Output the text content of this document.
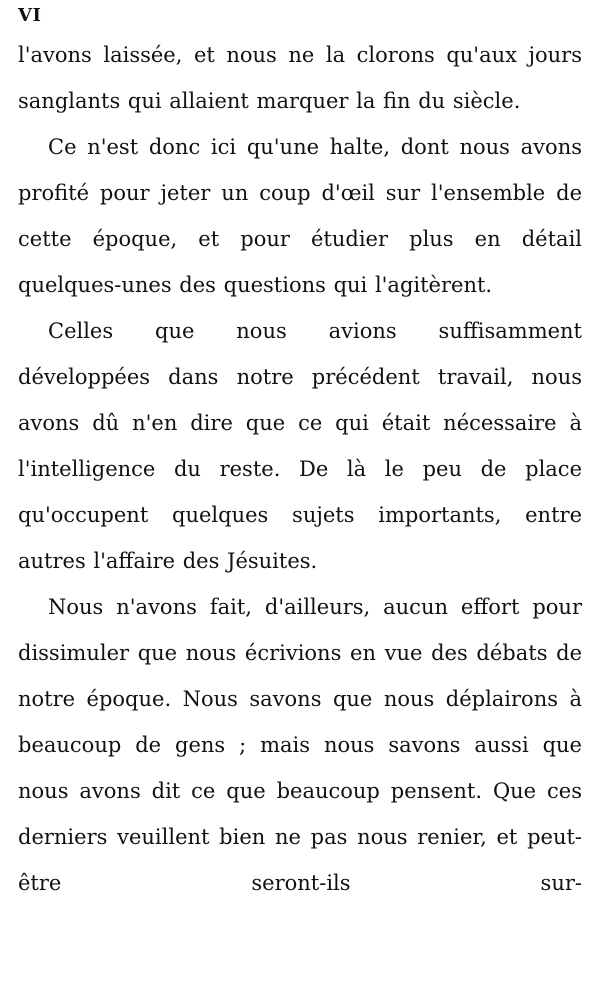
VI

l'avons laissée, et nous ne la clorons qu'aux jours sanglants qui allaient marquer la fin du siècle.

Ce n'est donc ici qu'une halte, dont nous avons profité pour jeter un coup d'œil sur l'ensemble de cette époque, et pour étudier plus en détail quelques-unes des questions qui l'agitèrent.

Celles que nous avions suffisamment développées dans notre précédent travail, nous avons dû n'en dire que ce qui était nécessaire à l'intelligence du reste. De là le peu de place qu'occupent quelques sujets importants, entre autres l'affaire des Jésuites.

Nous n'avons fait, d'ailleurs, aucun effort pour dissimuler que nous écrivions en vue des débats de notre époque. Nous savons que nous déplairons à beaucoup de gens ; mais nous savons aussi que nous avons dit ce que beaucoup pensent. Que ces derniers veuillent bien ne pas nous renier, et peut-être seront-ils sur-
